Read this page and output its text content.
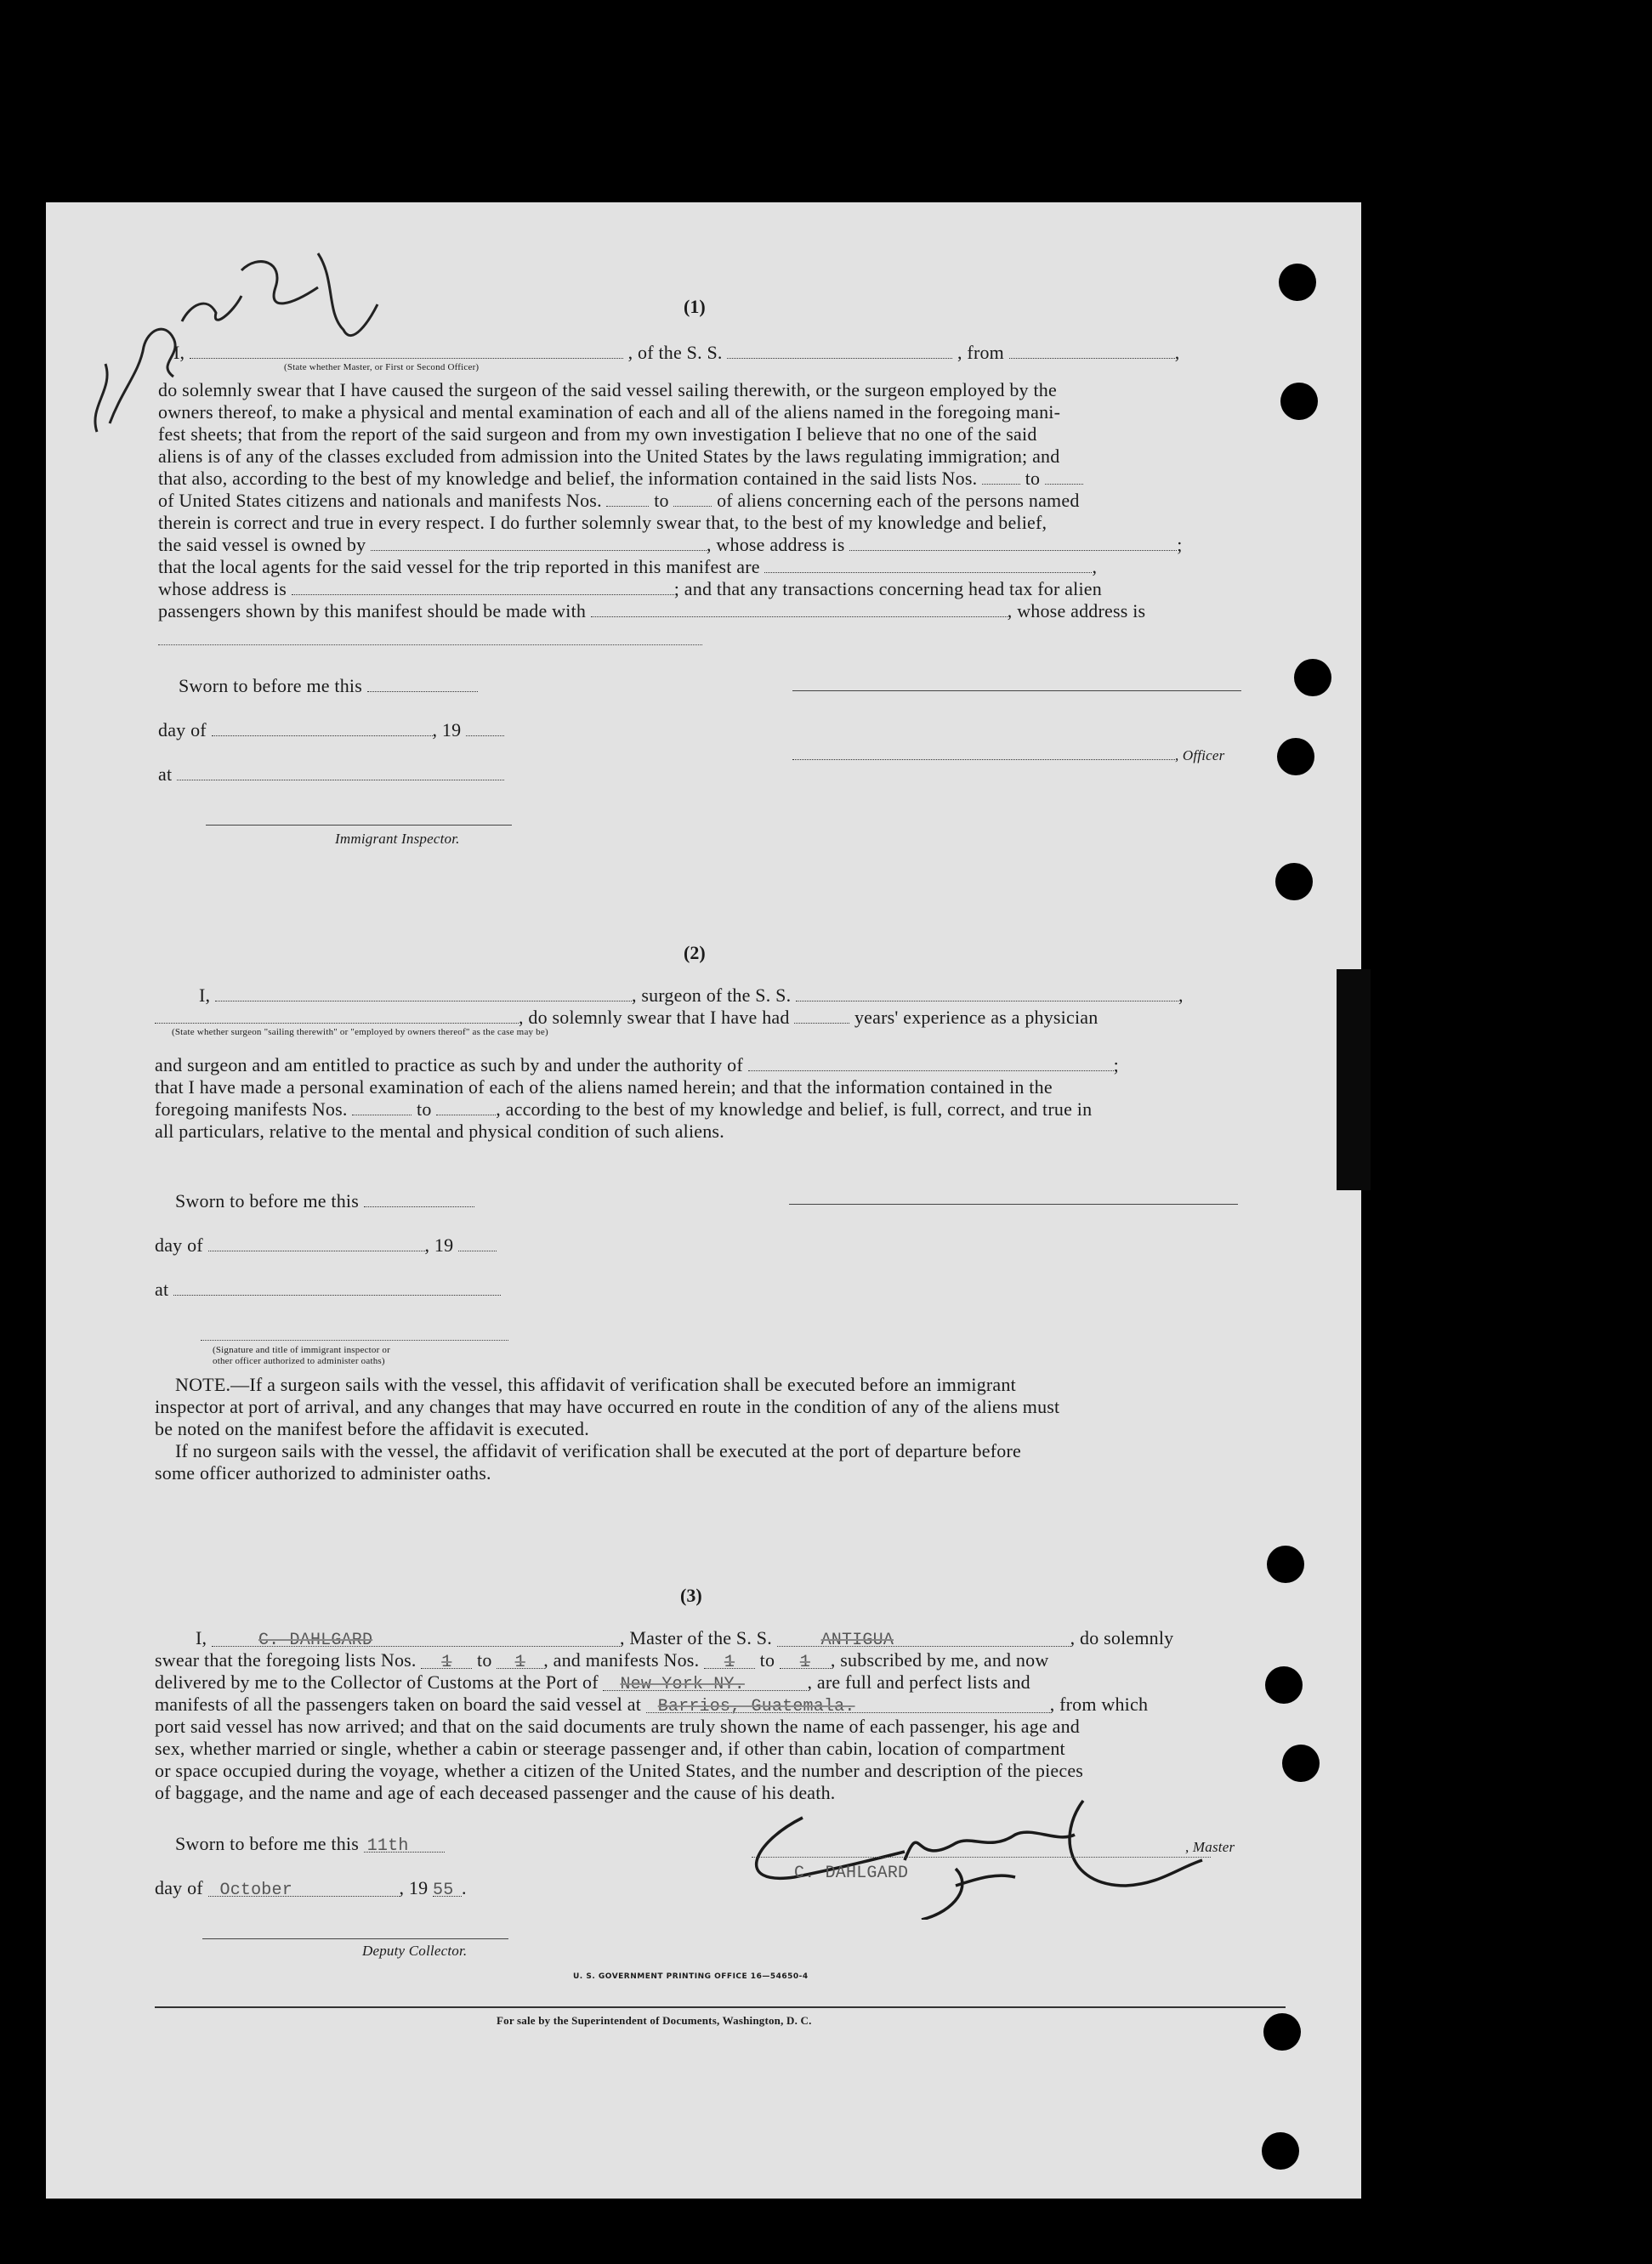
(1)
I,	, of the S. S.	, from	,
(State whether Master, or First or Second Officer)
do solemnly swear that I have caused the surgeon of the said vessel sailing therewith, or the surgeon employed by the
owners thereof, to make a physical and mental examination of each and all of the aliens named in the foregoing mani-
fest sheets; that from the report of the said surgeon and from my own investigation I believe that no one of the said
aliens is of any of the classes excluded from admission into the United States by the laws regulating immigration; and
that also, according to the best of my knowledge and belief, the information contained in the said lists Nos.	to
of United States citizens and nationals and manifests Nos.	to	of aliens concerning each of the persons named
therein is correct and true in every respect. I do further solemnly swear that, to the best of my knowledge and belief,
the said vessel is owned by	, whose address is	;
that the local agents for the said vessel for the trip reported in this manifest are	,
whose address is	; and that any transactions concerning head tax for alien
passengers shown by this manifest should be made with	, whose address is
Sworn to before me this
day of	, 19
, Officer
at
Immigrant Inspector.
(2)
I,	, surgeon of the S. S.	,
, do solemnly swear that I have had	years' experience as a physician
(State whether surgeon "sailing therewith" or "employed by owners thereof" as the case may be)
and surgeon and am entitled to practice as such by and under the authority of	;
that I have made a personal examination of each of the aliens named herein; and that the information contained in the
foregoing manifests Nos.	to	, according to the best of my knowledge and belief, is full, correct, and true in
all particulars, relative to the mental and physical condition of such aliens.
Sworn to before me this
day of	, 19
at
(Signature and title of immigrant inspector or
other officer authorized to administer oaths)
NOTE.—If a surgeon sails with the vessel, this affidavit of verification shall be executed before an immigrant
inspector at port of arrival, and any changes that may have occurred en route in the condition of any of the aliens must
be noted on the manifest before the affidavit is executed.
If no surgeon sails with the vessel, the affidavit of verification shall be executed at the port of departure before
some officer authorized to administer oaths.
(3)
I,	C. DAHLGARD	, Master of the S. S.	ANTIGUA	, do solemnly
swear that the foregoing lists Nos. 1 to 1 , and manifests Nos. 1 to 1 , subscribed by me, and now
delivered by me to the Collector of Customs at the Port of New York NY.	, are full and perfect lists and
manifests of all the passengers taken on board the said vessel at Barrios, Guatemala.	, from which
port said vessel has now arrived; and that on the said documents are truly shown the name of each passenger, his age and
sex, whether married or single, whether a cabin or steerage passenger and, if other than cabin, location of compartment
or space occupied during the voyage, whether a citizen of the United States, and the number and description of the pieces
of baggage, and the name and age of each deceased passenger and the cause of his death.
Sworn to before me this 11th
C. DAHLGARD
, Master
day of October	, 19 55 .
Deputy Collector.
U. S. GOVERNMENT PRINTING OFFICE 16—54650-4
For sale by the Superintendent of Documents, Washington, D. C.
